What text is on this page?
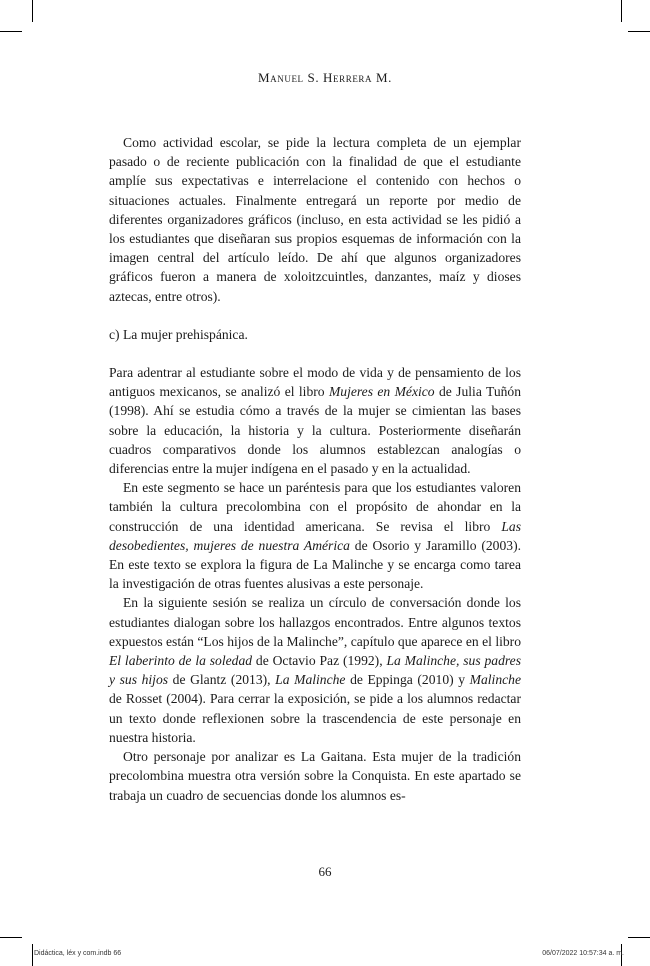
Manuel S. Herrera M.

Como actividad escolar, se pide la lectura completa de un ejemplar pasado o de reciente publicación con la finalidad de que el estudiante amplíe sus expectativas e interrelacione el contenido con hechos o situaciones actuales. Finalmente entregará un reporte por medio de diferentes organizadores gráficos (incluso, en esta actividad se les pidió a los estudiantes que diseñaran sus propios esquemas de información con la imagen central del artículo leído. De ahí que algunos organizadores gráficos fueron a manera de xoloitzcuintles, danzantes, maíz y dioses aztecas, entre otros).

c) La mujer prehispánica.

Para adentrar al estudiante sobre el modo de vida y de pensamiento de los antiguos mexicanos, se analizó el libro Mujeres en México de Julia Tuñón (1998). Ahí se estudia cómo a través de la mujer se cimientan las bases sobre la educación, la historia y la cultura. Posteriormente diseñarán cuadros comparativos donde los alumnos establezcan analogías o diferencias entre la mujer indígena en el pasado y en la actualidad.

En este segmento se hace un paréntesis para que los estudiantes valoren también la cultura precolombina con el propósito de ahondar en la construcción de una identidad americana. Se revisa el libro Las desobedientes, mujeres de nuestra América de Osorio y Jaramillo (2003). En este texto se explora la figura de La Malinche y se encarga como tarea la investigación de otras fuentes alusivas a este personaje.

En la siguiente sesión se realiza un círculo de conversación donde los estudiantes dialogan sobre los hallazgos encontrados. Entre algunos textos expuestos están “Los hijos de la Malinche”, capítulo que aparece en el libro El laberinto de la soledad de Octavio Paz (1992), La Malinche, sus padres y sus hijos de Glantz (2013), La Malinche de Eppinga (2010) y Malinche de Rosset (2004). Para cerrar la exposición, se pide a los alumnos redactar un texto donde reflexionen sobre la trascendencia de este personaje en nuestra historia.

Otro personaje por analizar es La Gaitana. Esta mujer de la tradición precolombina muestra otra versión sobre la Conquista. En este apartado se trabaja un cuadro de secuencias donde los alumnos es-

66
Didáctica, léx y com.indb 66	06/07/2022 10:57:34 a. m.
